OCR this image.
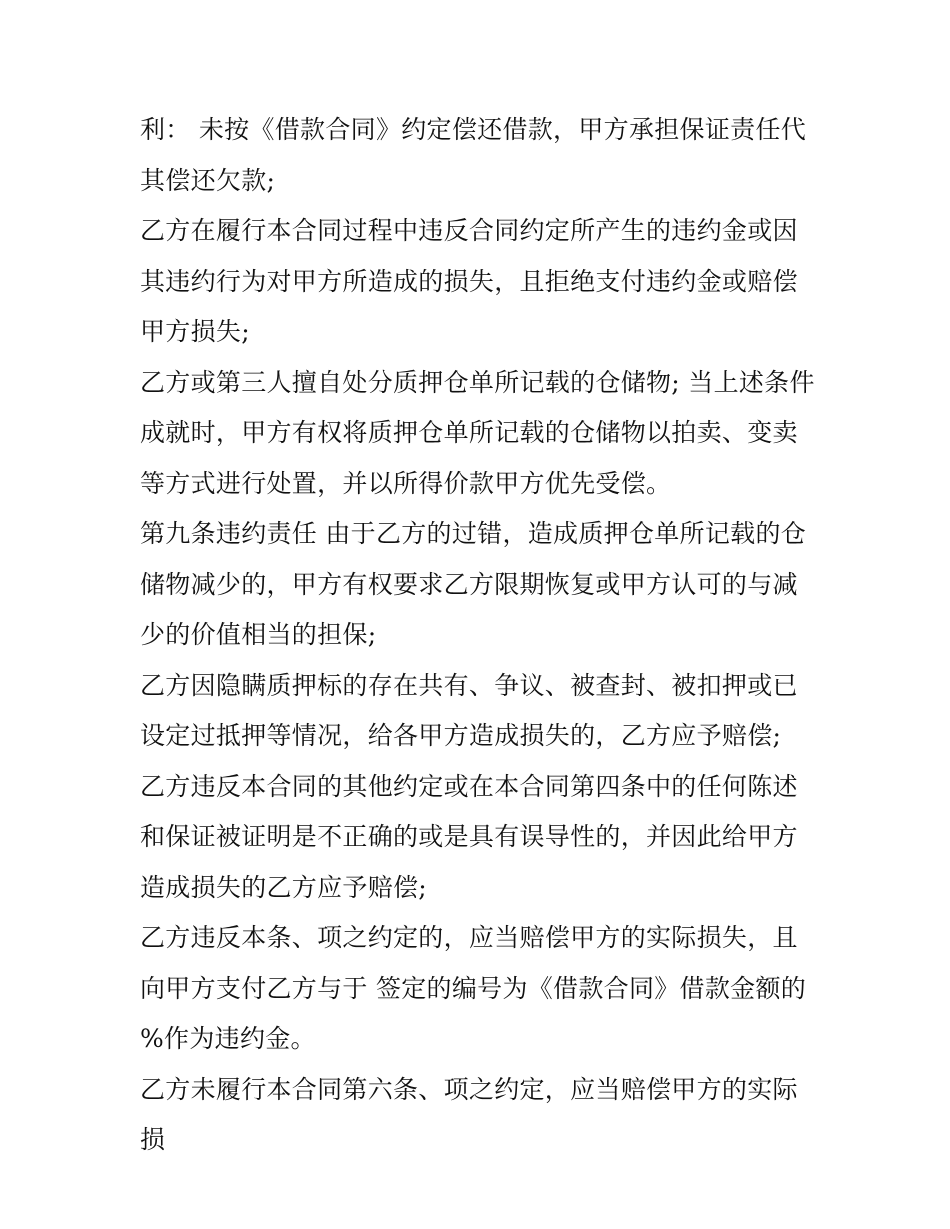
利： 未按《借款合同》约定偿还借款，甲方承担保证责任代其偿还欠款;

乙方在履行本合同过程中违反合同约定所产生的违约金或因其违约行为对甲方所造成的损失，且拒绝支付违约金或赔偿甲方损失;

乙方或第三人擅自处分质押仓单所记载的仓储物; 当上述条件成就时，甲方有权将质押仓单所记载的仓储物以拍卖、变卖等方式进行处置，并以所得价款甲方优先受偿。

第九条违约责任 由于乙方的过错，造成质押仓单所记载的仓储物减少的，甲方有权要求乙方限期恢复或甲方认可的与减少的价值相当的担保;

乙方因隐瞒质押标的存在共有、争议、被查封、被扣押或已设定过抵押等情况，给各甲方造成损失的，乙方应予赔偿;

乙方违反本合同的其他约定或在本合同第四条中的任何陈述和保证被证明是不正确的或是具有误导性的，并因此给甲方造成损失的乙方应予赔偿;

乙方违反本条、项之约定的，应当赔偿甲方的实际损失，且向甲方支付乙方与于 签定的编号为《借款合同》借款金额的 %作为违约金。

乙方未履行本合同第六条、项之约定，应当赔偿甲方的实际损
